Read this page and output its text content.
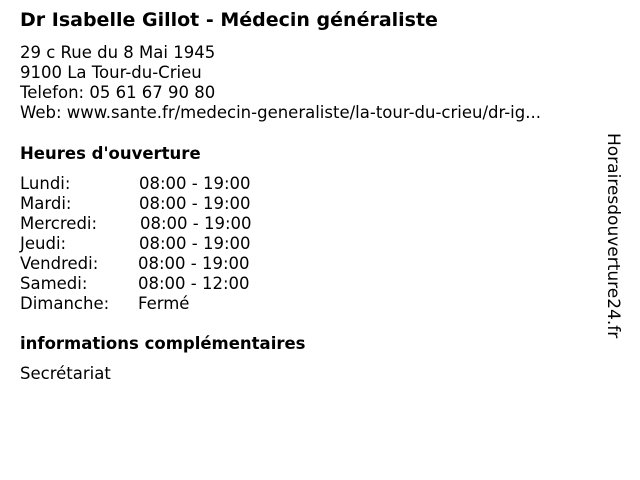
Dr Isabelle Gillot - Médecin généraliste
29 c Rue du 8 Mai 1945
9100 La Tour-du-Crieu
Telefon: 05 61 67 90 80
Web: www.sante.fr/medecin-generaliste/la-tour-du-crieu/dr-ig...
Heures d'ouverture
Lundi:	08:00 - 19:00
Mardi:	08:00 - 19:00
Mercredi:	08:00 - 19:00
Jeudi:	08:00 - 19:00
Vendredi: 08:00 - 19:00
Samedi:	08:00 - 12:00
Dimanche: Fermé
informations complémentaires
Secrétariat
Horairesdouverture24.fr
